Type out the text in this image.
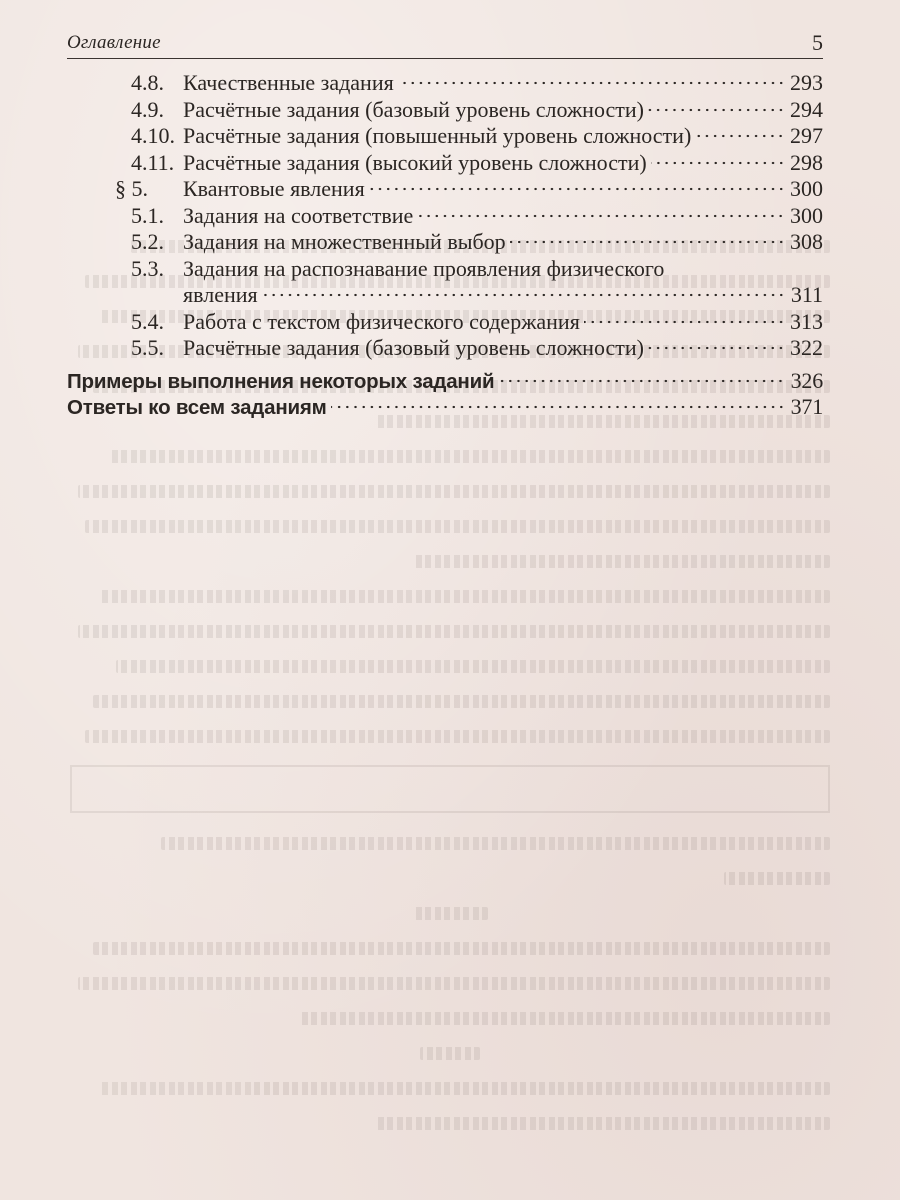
Оглавление	5
4.8. Качественные задания	293
4.9. Расчётные задания (базовый уровень сложности)	294
4.10. Расчётные задания (повышенный уровень сложности)	297
4.11. Расчётные задания (высокий уровень сложности)	298
§ 5.	Квантовые явления	300
5.1. Задания на соответствие	300
5.2. Задания на множественный выбор	308
5.3. Задания на распознавание проявления физического
явления	311
5.4. Работа с текстом физического содержания	313
5.5. Расчётные задания (базовый уровень сложности)	322
Примеры выполнения некоторых заданий	326
Ответы ко всем заданиям	371
